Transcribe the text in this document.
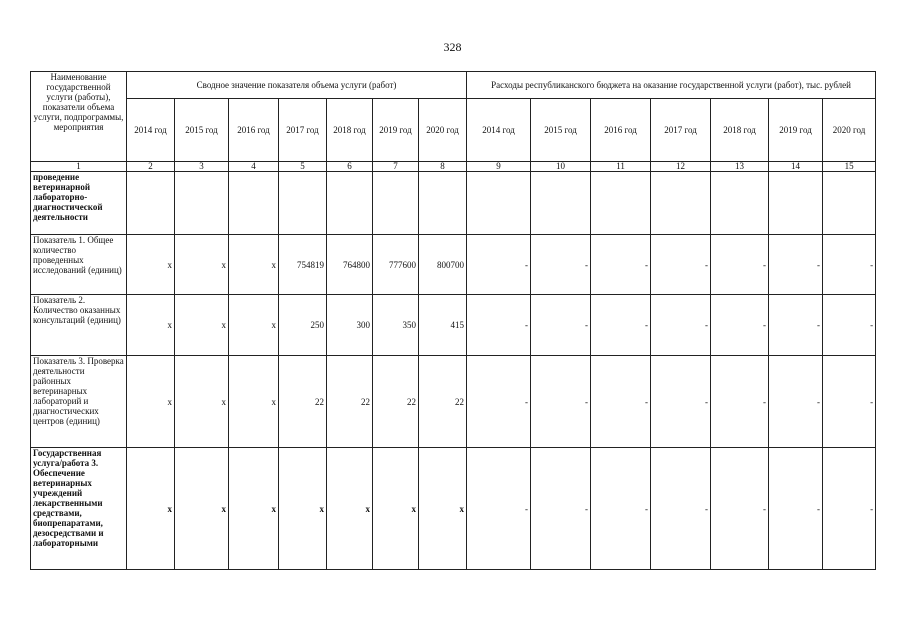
328
Наименование государственной услуги (работы), показатели объема услуги, подпрограммы, мероприятия	Сводное значение показателя объема услуги (работ)							Расходы республиканского бюджета на оказание государственной услуги (работ), тыс. рублей						
	2014 год	2015 год	2016 год	2017 год	2018 год	2019 год	2020 год	2014 год	2015 год	2016 год	2017 год	2018 год	2019 год	2020 год
1	2	3	4	5	6	7	8	9	10	11	12	13	14	15
проведение ветеринарной лабораторно-диагностической деятельности														
Показатель 1. Общее количество проведенных исследований (единиц)	x	x	x	754819	764800	777600	800700	-	-	-	-	-	-	-
Показатель 2. Количество оказанных консультаций (единиц)	x	x	x	250	300	350	415	-	-	-	-	-	-	-
Показатель 3. Проверка деятельности районных ветеринарных лабораторий и диагностических центров (единиц)	x	x	x	22	22	22	22	-	-	-	-	-	-	-
Государственная услуга/работа 3. Обеспечение ветеринарных учреждений лекарственными средствами, биопрепаратами, дезосредствами и лабораторными	x	x	x	x	x	x	x	-	-	-	-	-	-	-
